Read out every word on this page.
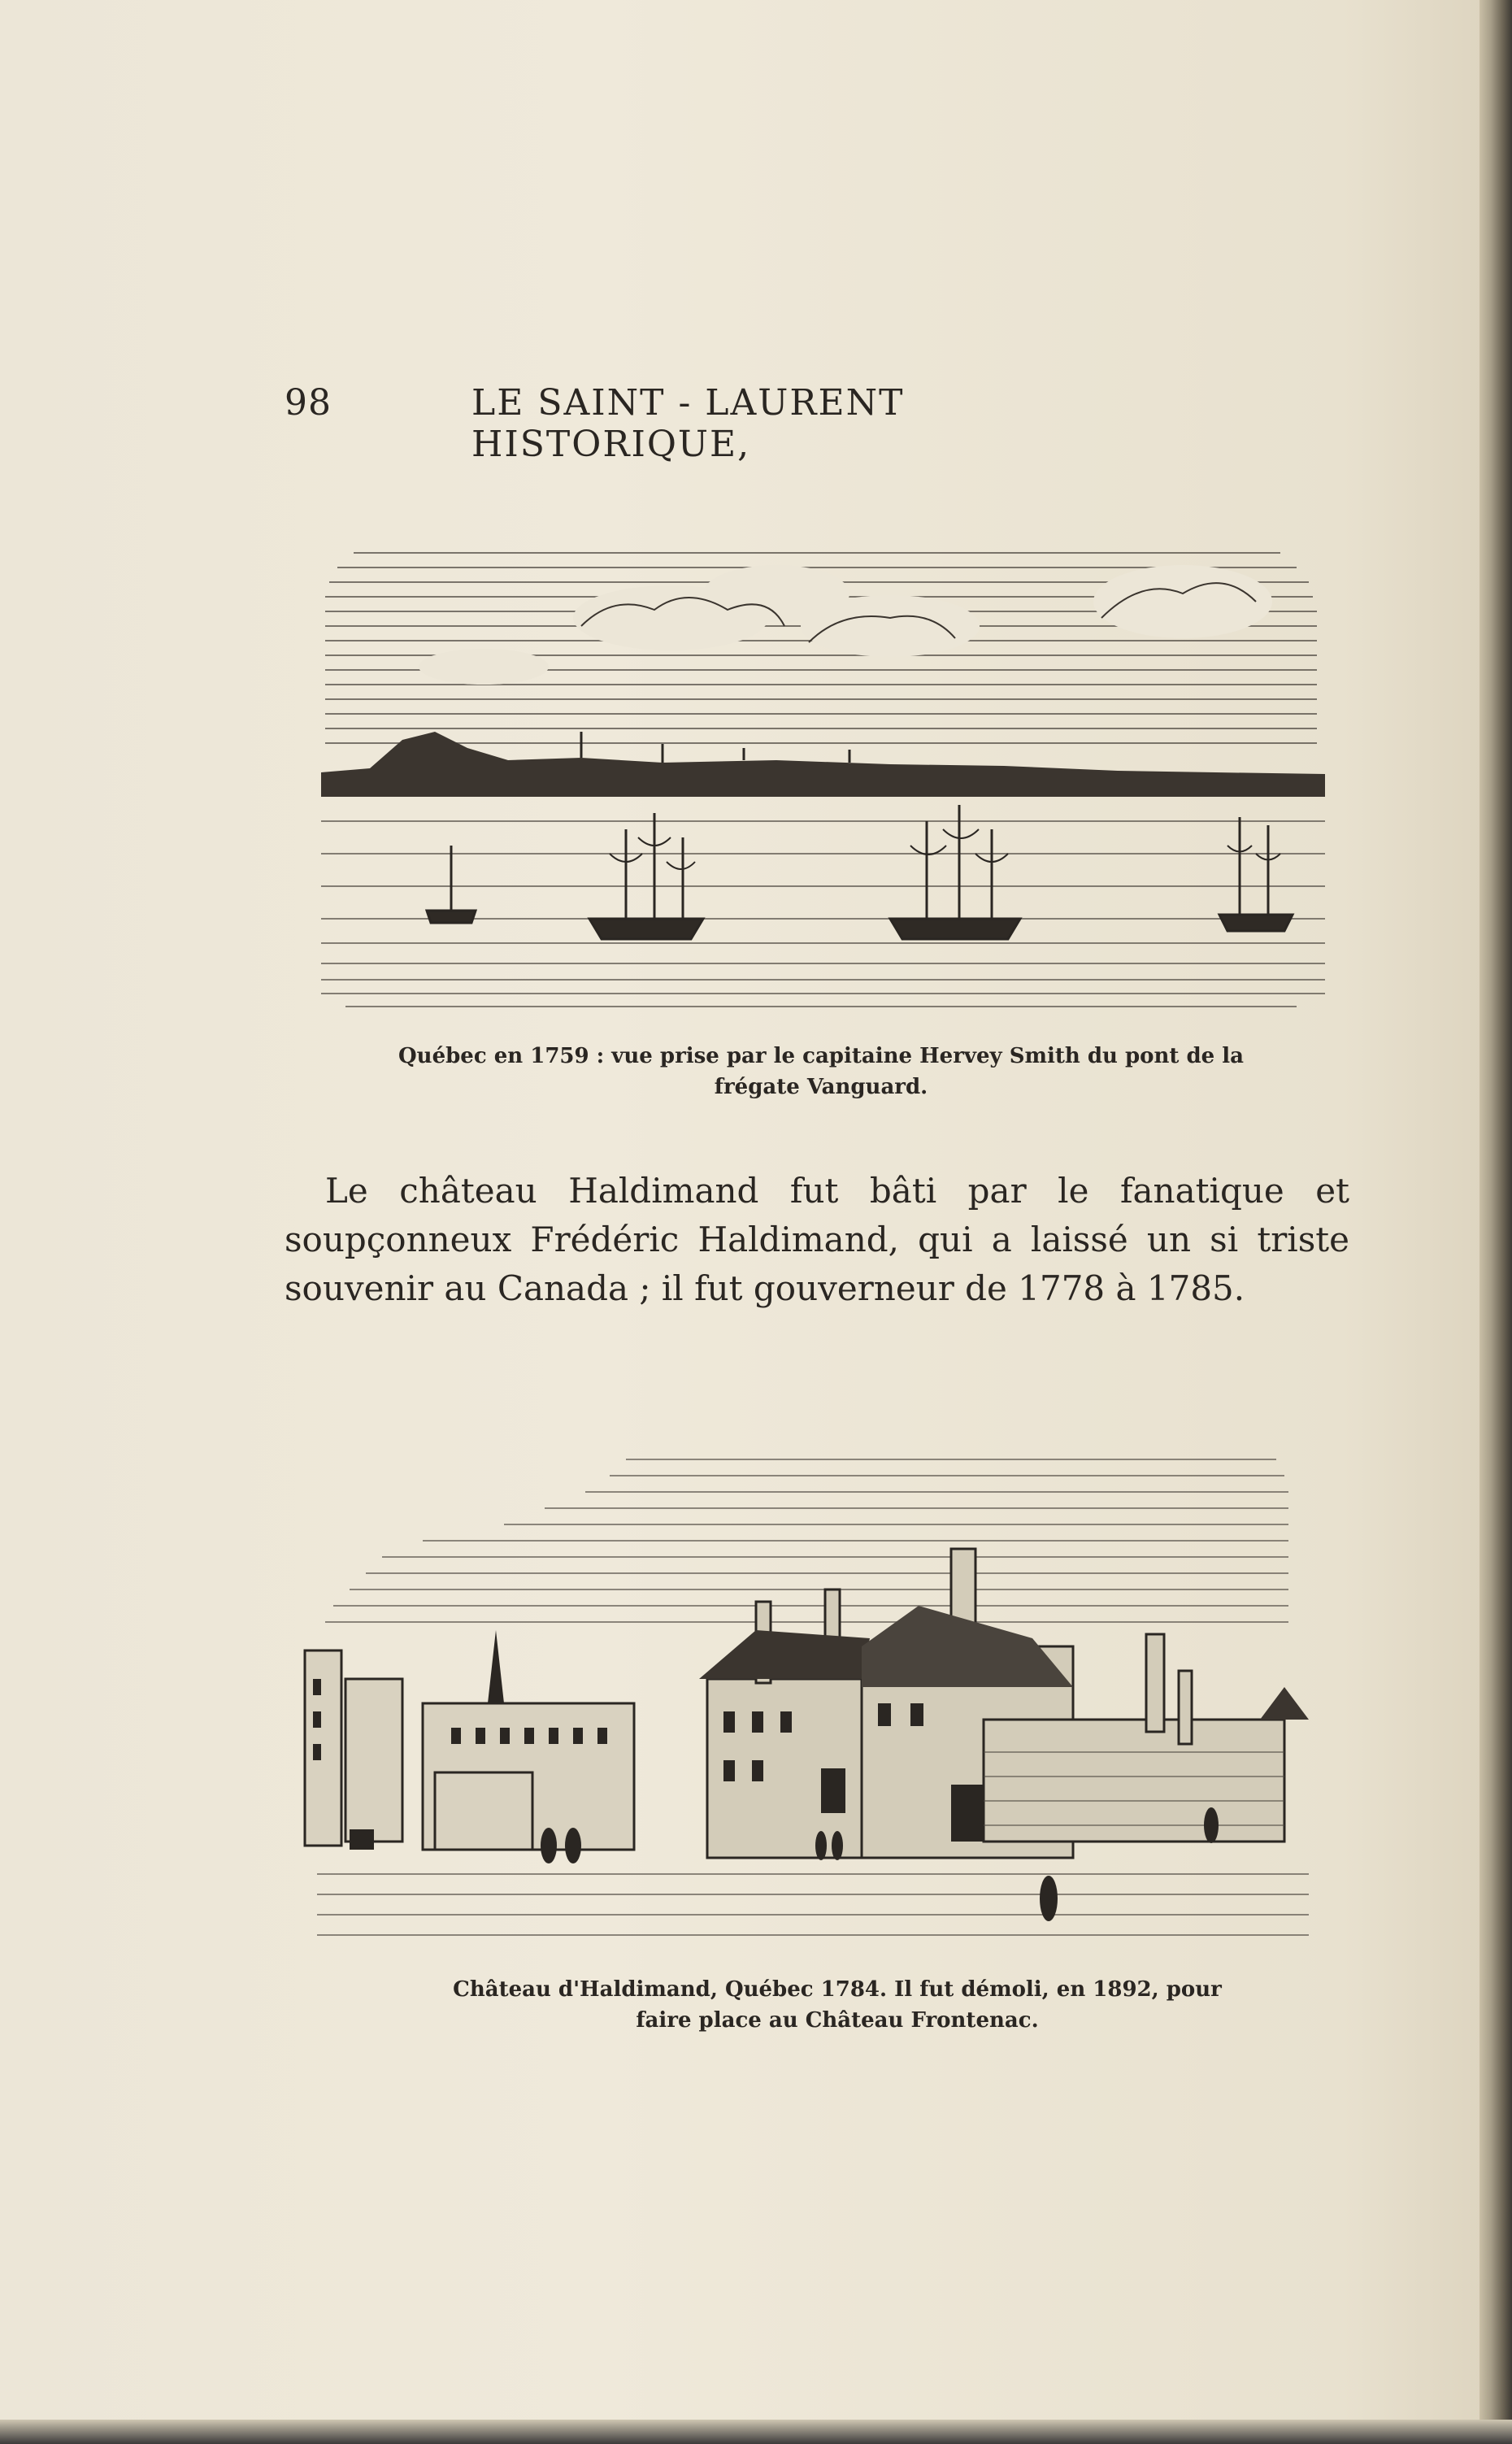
98	LE SAINT - LAURENT HISTORIQUE,
Québec en 1759 : vue prise par le capitaine Hervey Smith du pont de la
frégate Vanguard.
Le château Haldimand fut bâti par le fanatique et soupçonneux Frédéric Haldimand, qui a laissé un si triste souvenir au Canada ; il fut gouverneur de 1778 à 1785.
Château d'Haldimand, Québec 1784. Il fut démoli, en 1892, pour
faire place au Château Frontenac.
